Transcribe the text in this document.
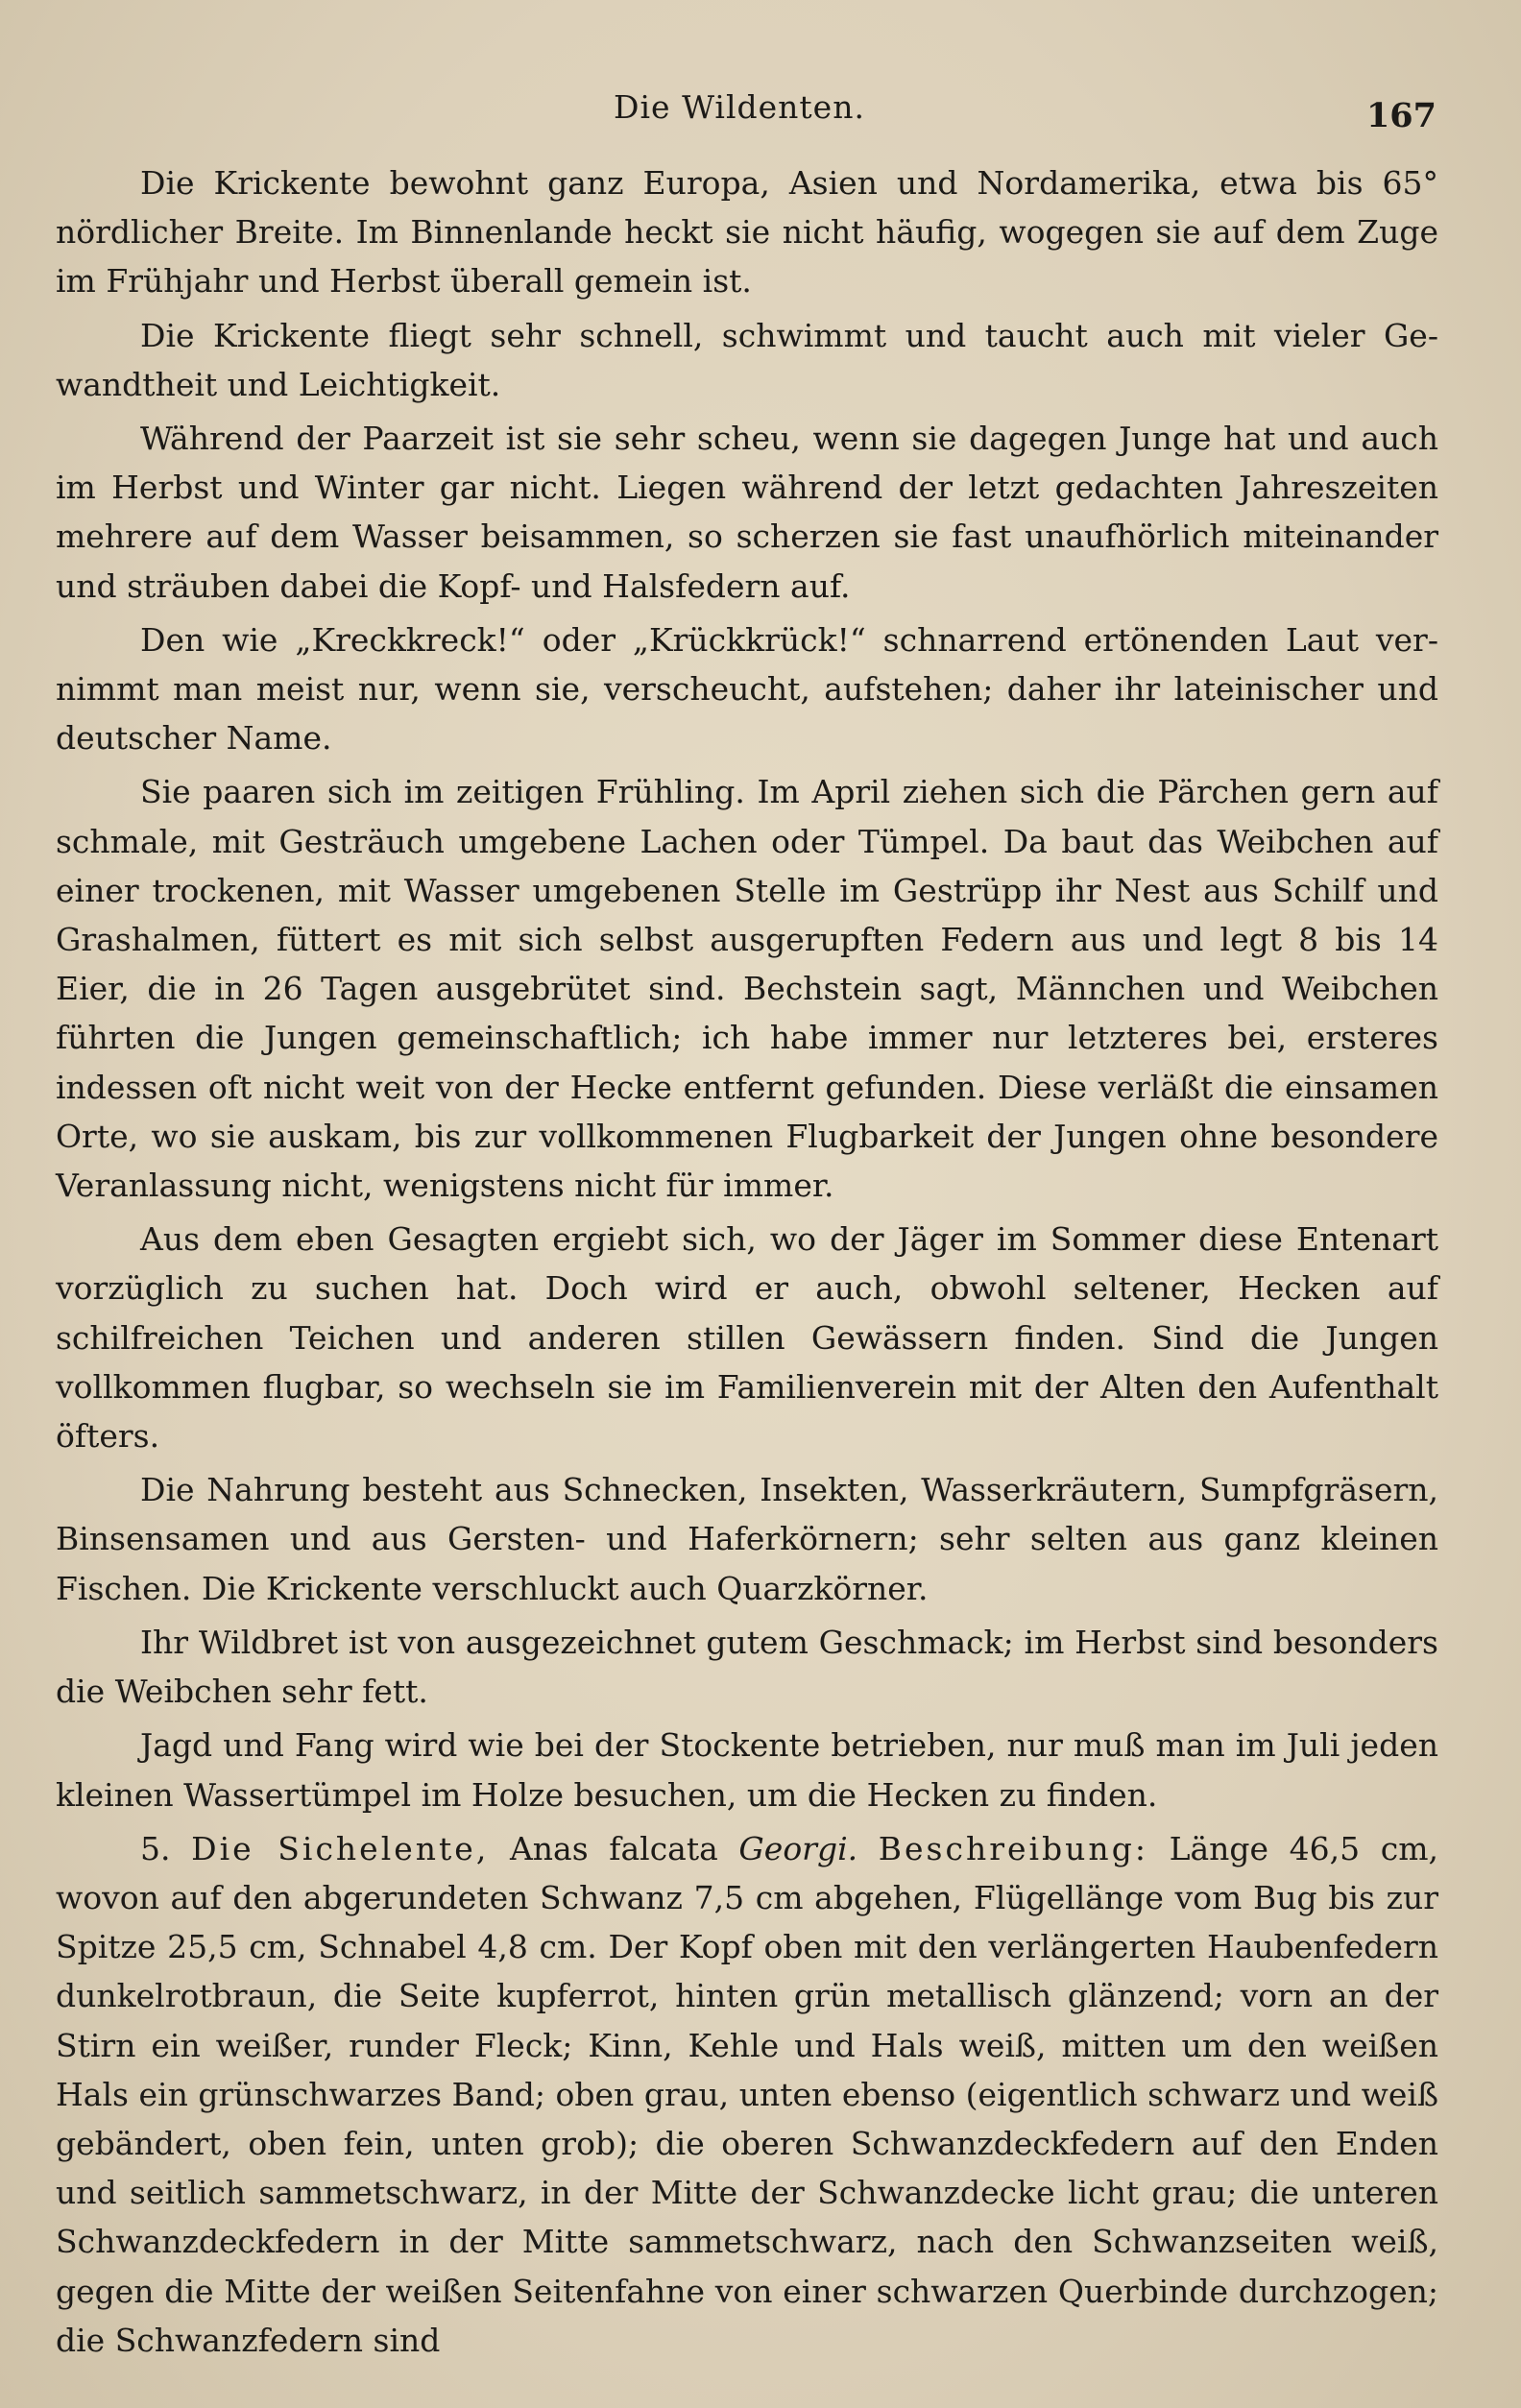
Die Wildenten.	167

Die Krickente bewohnt ganz Europa, Asien und Nordamerika, etwa bis 65° nördlicher Breite. Im Binnenlande heckt sie nicht häufig, wogegen sie auf dem Zuge im Frühjahr und Herbst überall gemein ist.

Die Krickente fliegt sehr schnell, schwimmt und taucht auch mit vieler Gewandtheit und Leichtigkeit.

Während der Paarzeit ist sie sehr scheu, wenn sie dagegen Junge hat und auch im Herbst und Winter gar nicht. Liegen während der letzt gedachten Jahreszeiten mehrere auf dem Wasser beisammen, so scherzen sie fast unaufhörlich miteinander und sträuben dabei die Kopf- und Halsfedern auf.

Den wie „Kreckkreck!“ oder „Krückkrück!“ schnarrend ertönenden Laut vernimmt man meist nur, wenn sie, verscheucht, aufstehen; daher ihr lateinischer und deutscher Name.

Sie paaren sich im zeitigen Frühling. Im April ziehen sich die Pärchen gern auf schmale, mit Gesträuch umgebene Lachen oder Tümpel. Da baut das Weibchen auf einer trockenen, mit Wasser umgebenen Stelle im Gestrüpp ihr Nest aus Schilf und Grashalmen, füttert es mit sich selbst ausgerupften Federn aus und legt 8 bis 14 Eier, die in 26 Tagen ausgebrütet sind. Bechstein sagt, Männchen und Weibchen führten die Jungen gemeinschaftlich; ich habe immer nur letzteres bei, ersteres indessen oft nicht weit von der Hecke entfernt gefunden. Diese verläßt die einsamen Orte, wo sie auskam, bis zur vollkommenen Flugbarkeit der Jungen ohne besondere Veranlassung nicht, wenigstens nicht für immer.

Aus dem eben Gesagten ergiebt sich, wo der Jäger im Sommer diese Entenart vorzüglich zu suchen hat. Doch wird er auch, obwohl seltener, Hecken auf schilfreichen Teichen und anderen stillen Gewässern finden. Sind die Jungen vollkommen flugbar, so wechseln sie im Familienverein mit der Alten den Aufenthalt öfters.

Die Nahrung besteht aus Schnecken, Insekten, Wasserkräutern, Sumpfgräsern, Binsensamen und aus Gersten- und Haferkörnern; sehr selten aus ganz kleinen Fischen. Die Krickente verschluckt auch Quarzkörner.

Ihr Wildbret ist von ausgezeichnet gutem Geschmack; im Herbst sind besonders die Weibchen sehr fett.

Jagd und Fang wird wie bei der Stockente betrieben, nur muß man im Juli jeden kleinen Wassertümpel im Holze besuchen, um die Hecken zu finden.

5. Die Sichelente, Anas falcata Georgi. Beschreibung: Länge 46,5 cm, wovon auf den abgerundeten Schwanz 7,5 cm abgehen, Flügellänge vom Bug bis zur Spitze 25,5 cm, Schnabel 4,8 cm. Der Kopf oben mit den verlängerten Haubenfedern dunkelrotbraun, die Seite kupferrot, hinten grün metallisch glänzend; vorn an der Stirn ein weißer, runder Fleck; Kinn, Kehle und Hals weiß, mitten um den weißen Hals ein grünschwarzes Band; oben grau, unten ebenso (eigentlich schwarz und weiß gebändert, oben fein, unten grob); die oberen Schwanzdeckfedern auf den Enden und seitlich sammetschwarz, in der Mitte der Schwanzdecke licht grau; die unteren Schwanzdeckfedern in der Mitte sammetschwarz, nach den Schwanzseiten weiß, gegen die Mitte der weißen Seitenfahne von einer schwarzen Querbinde durchzogen; die Schwanzfedern sind
